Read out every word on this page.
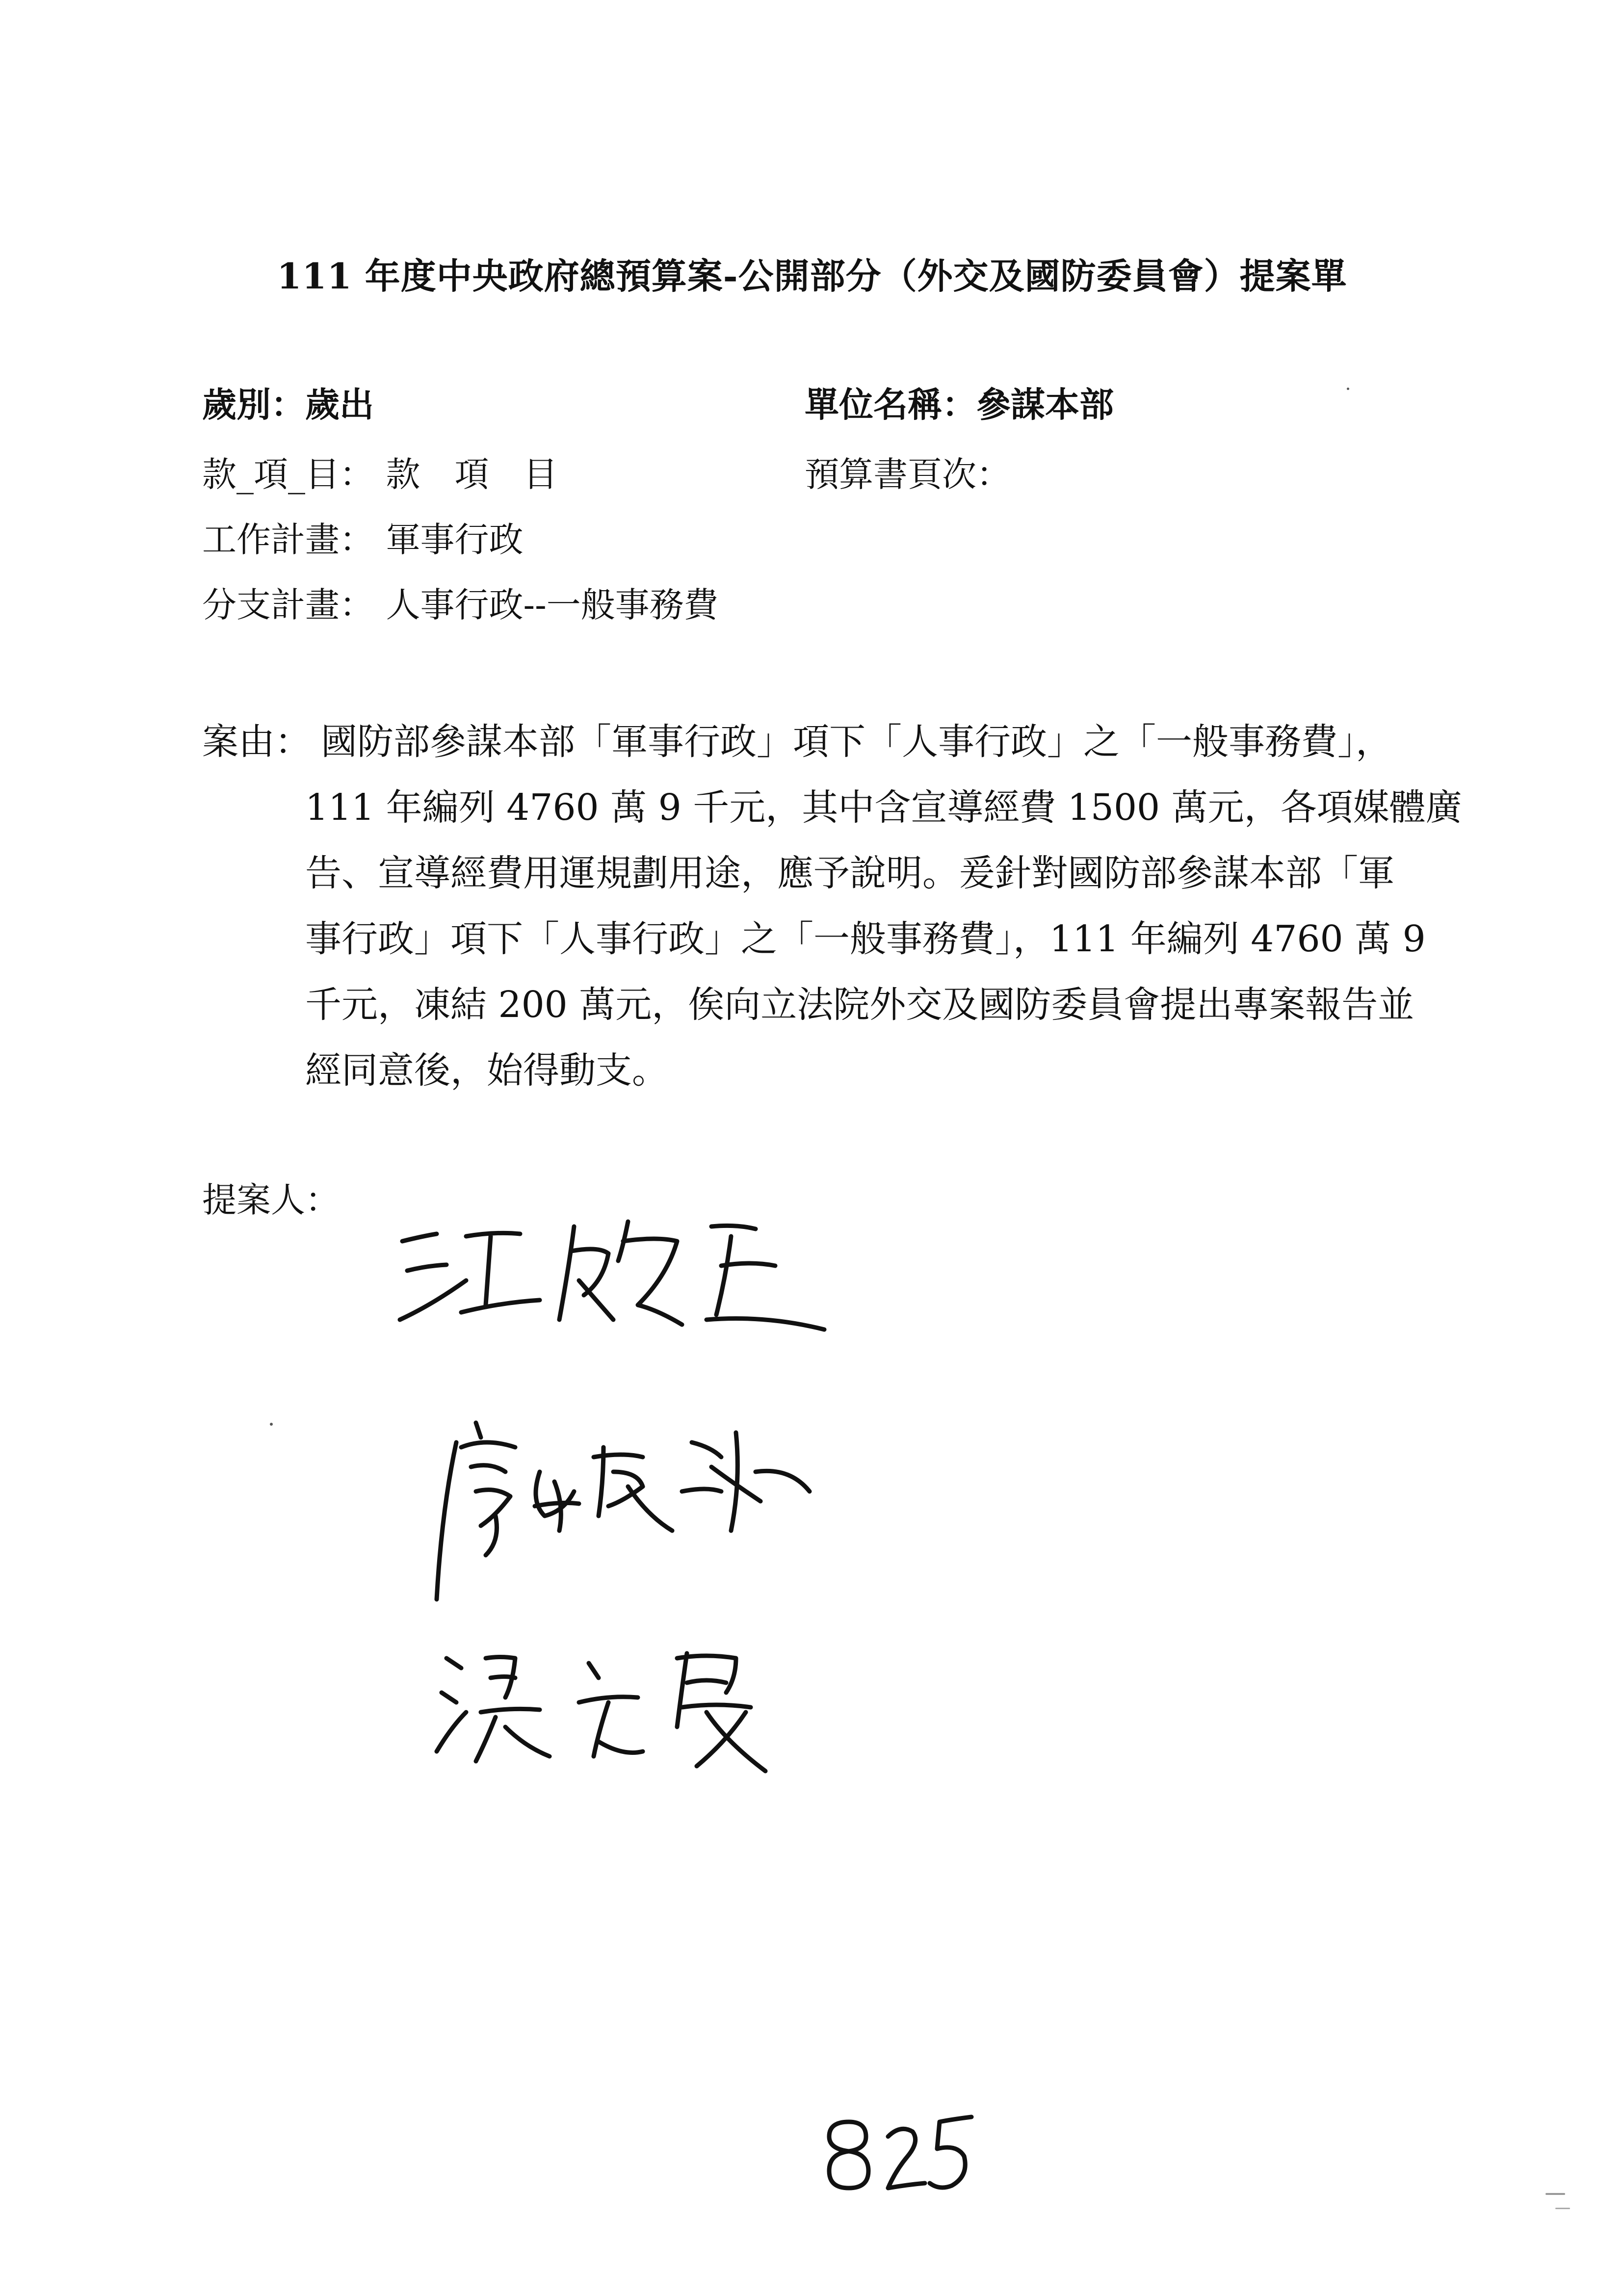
111 年度中央政府總預算案-公開部分（外交及國防委員會）提案單
歲別：歲出	單位名稱：參謀本部
款_項_目： 款　項　目	預算書頁次：
工作計畫： 軍事行政
分支計畫： 人事行政--一般事務費
案由： 國防部參謀本部「軍事行政」項下「人事行政」之「一般事務費」，
111 年編列 4760 萬 9 千元，其中含宣導經費 1500 萬元，各項媒體廣
告、宣導經費用運規劃用途，應予說明。爰針對國防部參謀本部「軍
事行政」項下「人事行政」之「一般事務費」，111 年編列 4760 萬 9
千元，凍結 200 萬元，俟向立法院外交及國防委員會提出專案報告並
經同意後，始得動支。
提案人：
